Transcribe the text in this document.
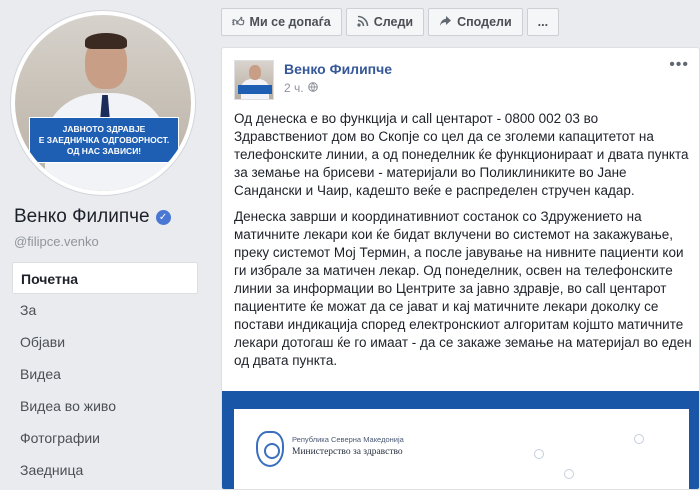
ЈАВНОТО ЗДРАВЈЕ
Е ЗАЕДНИЧКА ОДГОВОРНОСТ.
ОД НАС ЗАВИСИ!
Венко Филипче ✓
@filipce.venko
Почетна
За
Објави
Видеа
Видеа во живо
Фотографии
Заедница
👍︎ Ми се допаѓа	Следи	Сподели ...
Венко Филипче
2 ч.
•••

Од денеска е во функција и call центарот - 0800 002 03 во Здравствениот дом во Скопје со цел да се зголеми капацитетот на телефонските линии, а од понеделник ќе функционираат и двата пункта за земање на брисеви - материјали во Поликлиниките во Јане Сандански и Чаир, кадешто веќе е распределен стручен кадар.

Денеска заврши и координативниот состанок со Здружението на матичните лекари кои ќе бидат вклучени во системот на закажување, преку системот Мој Термин, а после јавување на нивните пациенти кои ги избрале за матичен лекар. Од понеделник, освен на телефонските линии за информации во Центрите за јавно здравје, во call центарот пациентите ќе можат да се јават и кај матичните лекари доколку се постави индикација според електронскиот алгоритам којшто матичните лекари дотогаш ќе го имаат - да се закаже земање на материјал во еден од двата пункта.

Република Северна Македонија
Министерство за здравство
